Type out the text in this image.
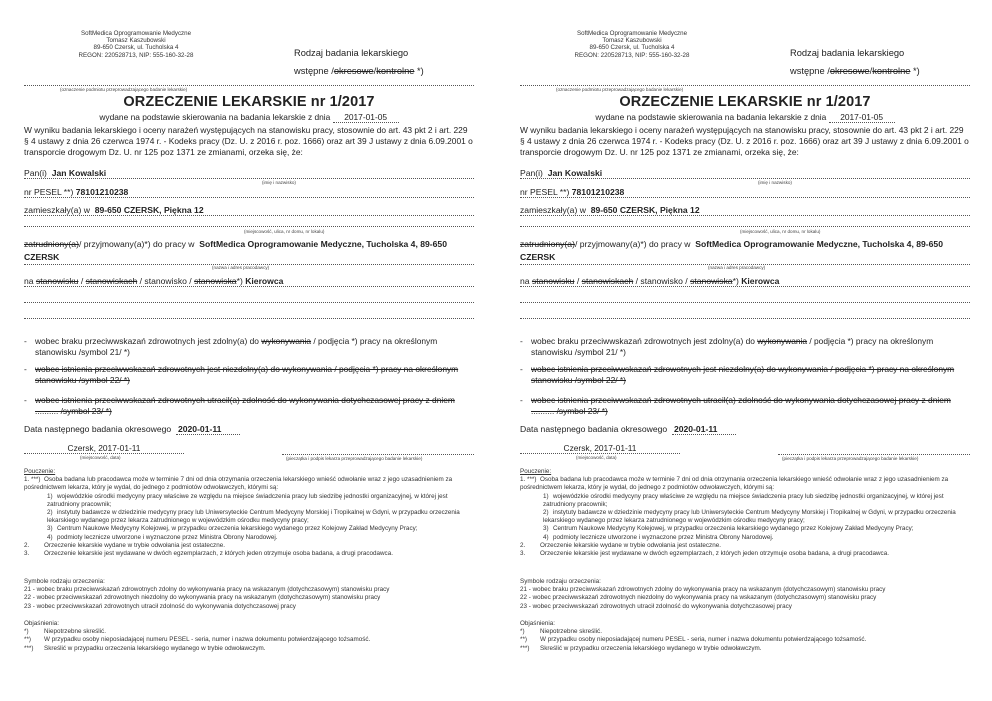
SoftMedica Oprogramowanie Medyczne
Tomasz Kaszubowski
89-650 Czersk, ul. Tucholska 4
REGON: 220528713, NIP: 555-160-32-28	Rodzaj badania lekarskiego
wstępne /okresowe/kontrolne *)
(oznaczenie podmiotu przeprowadzającego badanie lekarskie)
ORZECZENIE LEKARSKIE nr 1/2017
wydane na podstawie skierowania na badania lekarskie z dnia 2017-01-05
W wyniku badania lekarskiego i oceny narażeń występujących na stanowisku pracy, stosownie do art. 43 pkt 2 i art. 229 § 4 ustawy z dnia 26 czerwca 1974 r. - Kodeks pracy (Dz. U. z 2016 r. poz. 1666) oraz art 39 J ustawy z dnia 6.09.2001 o transporcie drogowym Dz. U. nr 125 poz 1371 ze zmianami, orzeka się, że:
Pan(i) Jan Kowalski
(imię i nazwisko)
nr PESEL **) 78101210238
zamieszkały(a) w 89-650 CZERSK, Piękna 12
(miejscowość, ulica, nr domu, nr lokalu)
zatrudniony(a)/ przyjmowany(a)*) do pracy w SoftMedica Oprogramowanie Medyczne, Tucholska 4, 89-650 CZERSK
(nazwa i adres pracodawcy)
na stanowisku / stanowiskach / stanowisko / stanowiska*) Kierowca
- wobec braku przeciwwskazań zdrowotnych jest zdolny(a) do wykonywania / podjęcia *) pracy na określonym stanowisku /symbol 21/ *)
- wobec istnienia przeciwwskazań zdrowotnych jest niezdolny(a) do wykonywania / podjęcia *) pracy na określonym stanowisku /symbol 22/ *)
- wobec istnienia przeciwwskazań zdrowotnych utracił(a) zdolność do wykonywania dotychczasowej pracy z dniem .......... /symbol 23/ *)
Data następnego badania okresowego 2020-01-11
Czersk, 2017-01-11
(miejscowość, data)	(pieczątka i podpis lekarza przeprowadzającego badanie lekarskie)
Pouczenie:
1. ***) Osoba badana lub pracodawca może w terminie 7 dni od dnia otrzymania orzeczenia lekarskiego wnieść odwołanie wraz z jego uzasadnieniem za pośrednictwem lekarza, który je wydał, do jednego z podmiotów odwoławczych, którymi są:
1) wojewódzkie ośrodki medycyny pracy właściwe ze względu na miejsce świadczenia pracy lub siedzibę jednostki organizacyjnej, w której jest zatrudniony pracownik;
2) instytuty badawcze w dziedzinie medycyny pracy lub Uniwersyteckie Centrum Medycyny Morskiej i Tropikalnej w Gdyni, w przypadku orzeczenia lekarskiego wydanego przez lekarza zatrudnionego w wojewódzkim ośrodku medycyny pracy;
3) Centrum Naukowe Medycyny Kolejowej, w przypadku orzeczenia lekarskiego wydanego przez Kolejowy Zakład Medycyny Pracy;
4) podmioty lecznicze utworzone i wyznaczone przez Ministra Obrony Narodowej.
2. Orzeczenie lekarskie wydane w trybie odwołania jest ostateczne.
3. Orzeczenie lekarskie jest wydawane w dwóch egzemplarzach, z których jeden otrzymuje osoba badana, a drugi pracodawca.
Symbole rodzaju orzeczenia:
21 - wobec braku przeciwwskazań zdrowotnych zdolny do wykonywania pracy na wskazanym (dotychczasowym) stanowisku pracy
22 - wobec przeciwwskazań zdrowotnych niezdolny do wykonywania pracy na wskazanym (dotychczasowym) stanowisku pracy
23 - wobec przeciwwskazań zdrowotnych utracił zdolność do wykonywania dotychczasowej pracy
Objaśnienia:
*) Niepotrzebne skreślić.
**) W przypadku osoby nieposiadającej numeru PESEL - seria, numer i nazwa dokumentu potwierdzającego tożsamość.
***) Skreślić w przypadku orzeczenia lekarskiego wydanego w trybie odwoławczym.
SoftMedica Oprogramowanie Medyczne
Tomasz Kaszubowski
89-650 Czersk, ul. Tucholska 4
REGON: 220528713, NIP: 555-160-32-28	Rodzaj badania lekarskiego
wstępne /okresowe/kontrolne *)
(oznaczenie podmiotu przeprowadzającego badanie lekarskie)
ORZECZENIE LEKARSKIE nr 1/2017
wydane na podstawie skierowania na badania lekarskie z dnia 2017-01-05
W wyniku badania lekarskiego i oceny narażeń występujących na stanowisku pracy, stosownie do art. 43 pkt 2 i art. 229 § 4 ustawy z dnia 26 czerwca 1974 r. - Kodeks pracy (Dz. U. z 2016 r. poz. 1666) oraz art 39 J ustawy z dnia 6.09.2001 o transporcie drogowym Dz. U. nr 125 poz 1371 ze zmianami, orzeka się, że:
Pan(i) Jan Kowalski
(imię i nazwisko)
nr PESEL **) 78101210238
zamieszkały(a) w 89-650 CZERSK, Piękna 12
(miejscowość, ulica, nr domu, nr lokalu)
zatrudniony(a)/ przyjmowany(a)*) do pracy w SoftMedica Oprogramowanie Medyczne, Tucholska 4, 89-650 CZERSK
(nazwa i adres pracodawcy)
na stanowisku / stanowiskach / stanowisko / stanowiska*) Kierowca
- wobec braku przeciwwskazań zdrowotnych jest zdolny(a) do wykonywania / podjęcia *) pracy na określonym stanowisku /symbol 21/ *)
- wobec istnienia przeciwwskazań zdrowotnych jest niezdolny(a) do wykonywania / podjęcia *) pracy na określonym stanowisku /symbol 22/ *)
- wobec istnienia przeciwwskazań zdrowotnych utracił(a) zdolność do wykonywania dotychczasowej pracy z dniem .......... /symbol 23/ *)
Data następnego badania okresowego 2020-01-11
Czersk, 2017-01-11
(miejscowość, data)	(pieczątka i podpis lekarza przeprowadzającego badanie lekarskie)
Pouczenie:
1. ***) Osoba badana lub pracodawca może w terminie 7 dni od dnia otrzymania orzeczenia lekarskiego wnieść odwołanie wraz z jego uzasadnieniem za pośrednictwem lekarza, który je wydał, do jednego z podmiotów odwoławczych, którymi są:
1) wojewódzkie ośrodki medycyny pracy właściwe ze względu na miejsce świadczenia pracy lub siedzibę jednostki organizacyjnej, w której jest zatrudniony pracownik;
2) instytuty badawcze w dziedzinie medycyny pracy lub Uniwersyteckie Centrum Medycyny Morskiej i Tropikalnej w Gdyni, w przypadku orzeczenia lekarskiego wydanego przez lekarza zatrudnionego w wojewódzkim ośrodku medycyny pracy;
3) Centrum Naukowe Medycyny Kolejowej, w przypadku orzeczenia lekarskiego wydanego przez Kolejowy Zakład Medycyny Pracy;
4) podmioty lecznicze utworzone i wyznaczone przez Ministra Obrony Narodowej.
2. Orzeczenie lekarskie wydane w trybie odwołania jest ostateczne.
3. Orzeczenie lekarskie jest wydawane w dwóch egzemplarzach, z których jeden otrzymuje osoba badana, a drugi pracodawca.
Symbole rodzaju orzeczenia:
21 - wobec braku przeciwwskazań zdrowotnych zdolny do wykonywania pracy na wskazanym (dotychczasowym) stanowisku pracy
22 - wobec przeciwwskazań zdrowotnych niezdolny do wykonywania pracy na wskazanym (dotychczasowym) stanowisku pracy
23 - wobec przeciwwskazań zdrowotnych utracił zdolność do wykonywania dotychczasowej pracy
Objaśnienia:
*) Niepotrzebne skreślić.
**) W przypadku osoby nieposiadającej numeru PESEL - seria, numer i nazwa dokumentu potwierdzającego tożsamość.
***) Skreślić w przypadku orzeczenia lekarskiego wydanego w trybie odwoławczym.
